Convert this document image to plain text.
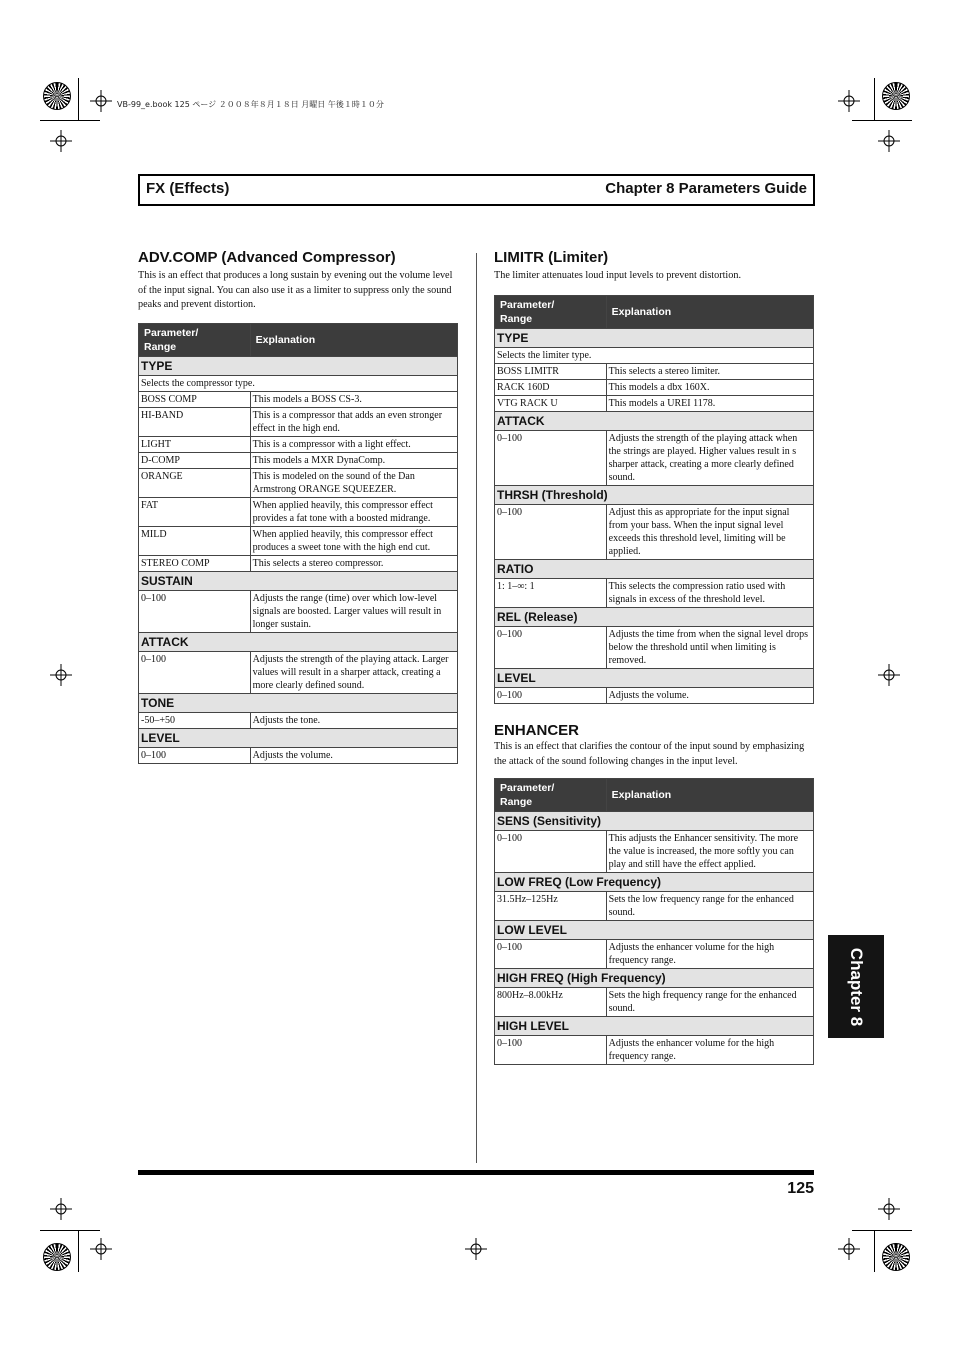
VB-99_e.book 125 ページ ２００８年８月１８日 月曜日 午後１時１０分
FX (Effects)	Chapter 8 Parameters Guide
ADV.COMP (Advanced Compressor)
This is an effect that produces a long sustain by evening out the volume level of the input signal. You can also use it as a limiter to suppress only the sound peaks and prevent distortion.
Parameter/
Range	Explanation
TYPE	
Selects the compressor type.	
BOSS COMP	This models a BOSS CS-3.
HI-BAND	This is a compressor that adds an even stronger effect in the high end.
LIGHT	This is a compressor with a light effect.
D-COMP	This models a MXR DynaComp.
ORANGE	This is modeled on the sound of the Dan Armstrong ORANGE SQUEEZER.
FAT	When applied heavily, this compressor effect provides a fat tone with a boosted midrange.
MILD	When applied heavily, this compressor effect produces a sweet tone with the high end cut.
STEREO COMP	This selects a stereo compressor.
SUSTAIN	
0–100	Adjusts the range (time) over which low-level signals are boosted. Larger values will result in longer sustain.
ATTACK	
0–100	Adjusts the strength of the playing attack. Larger values will result in a sharper attack, creating a more clearly defined sound.
TONE	
-50–+50	Adjusts the tone.
LEVEL	
0–100	Adjusts the volume.
LIMITR (Limiter)
The limiter attenuates loud input levels to prevent distortion.
Parameter/
Range	Explanation
TYPE	
Selects the limiter type.	
BOSS LIMITR	This selects a stereo limiter.
RACK 160D	This models a dbx 160X.
VTG RACK U	This models a UREI 1178.
ATTACK	
0–100	Adjusts the strength of the playing attack when the strings are played. Higher values result in s sharper attack, creating a more clearly defined sound.
THRSH (Threshold)	
0–100	Adjust this as appropriate for the input signal from your bass. When the input signal level exceeds this threshold level, limiting will be applied.
RATIO	
1: 1–∞: 1	This selects the compression ratio used with signals in excess of the threshold level.
REL (Release)	
0–100	Adjusts the time from when the signal level drops below the threshold until when limiting is removed.
LEVEL	
0–100	Adjusts the volume.
ENHANCER
This is an effect that clarifies the contour of the input sound by emphasizing the attack of the sound following changes in the input level.
Parameter/
Range	Explanation
SENS (Sensitivity)	
0–100	This adjusts the Enhancer sensitivity. The more the value is increased, the more softly you can play and still have the effect applied.
LOW FREQ (Low Frequency)	
31.5Hz–125Hz	Sets the low frequency range for the enhanced sound.
LOW LEVEL	
0–100	Adjusts the enhancer volume for the high frequency range.
HIGH FREQ (High Frequency)	
800Hz–8.00kHz	Sets the high frequency range for the enhanced sound.
HIGH LEVEL	
0–100	Adjusts the enhancer volume for the high frequency range.
125
Chapter 8
